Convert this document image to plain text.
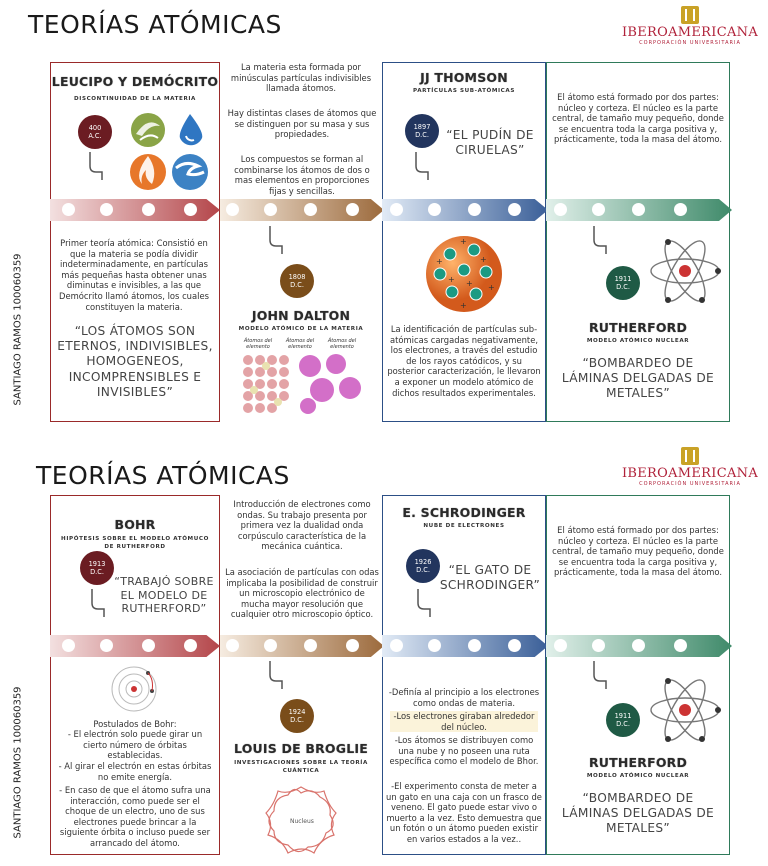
TEORÍAS ATÓMICAS	IBEROAMERICANA
CORPORACIÓN UNIVERSITARIA
SANTIAGO RAMOS 100060359
LEUCIPO Y DEMÓCRITO
DISCONTINUIDAD DE LA MATERIA
400
A.C.
Primer teoría atómica: Consistió en que la materia se podía dividir indeterminadamente, en partículas más pequeñas hasta obtener unas diminutas e invisibles, a las que Demócrito llamó átomos, los cuales constituyen la materia.
“LOS ÁTOMOS SON ETERNOS, INDIVISIBLES, HOMOGENEOS, INCOMPRENSIBLES E INVISIBLES”
La materia esta formada por minúsculas partículas indivisibles llamada átomos.
Hay distintas clases de átomos que se distinguen por su masa y sus propiedades.
Los compuestos se forman al combinarse los átomos de dos o mas elementos en proporciones fijas y sencillas.
1808
D.C.
JOHN DALTON
MODELO ATÓMICO DE LA MATERIA
Átomos del elemento
Átomos del elemento
Átomos del elemento
JJ THOMSON
PARTÍCULAS SUB-ATÓMICAS
1897
D.C.	“EL PUDÍN DE CIRUELAS”
+
+	+
+ + +
+
La identificación de partículas sub-atómicas cargadas negativamente, los electrones, a través del estudio de los rayos catódicos, y su posterior caracterización, le llevaron a exponer un modelo atómico de dichos resultados experimentales.
El átomo está formado por dos partes: núcleo y corteza. El núcleo es la parte central, de tamaño muy pequeño, donde se encuentra toda la carga positiva y, prácticamente, toda la masa del átomo.
1911
D.C.
RUTHERFORD
MODELO ATÓMICO NUCLEAR
“BOMBARDEO DE LÁMINAS DELGADAS DE METALES”
TEORÍAS ATÓMICAS	IBEROAMERICANA
CORPORACIÓN UNIVERSITARIA
SANTIAGO RAMOS 100060359
BOHR
HIPÓTESIS SOBRE EL MODELO ATÓMUCO DE RUTHERFORD
1913
D.C.
“TRABAJÓ SOBRE EL MODELO DE RUTHERFORD”
Postulados de Bohr:
- El electrón solo puede girar un cierto número de órbitas establecidas.
- Al girar el electrón en estas órbitas no emite energía.
- En caso de que el átomo sufra una interacción, como puede ser el choque de un electro, uno de sus electrones puede brincar a la siguiente órbita o incluso puede ser arrancado del átomo.
Introducción de electrones como ondas. Su trabajo presenta por primera vez la dualidad onda corpúsculo característica de la mecánica cuántica.
La asociación de partículas con odas implicaba la posibilidad de construir un microscopio electrónico de mucha mayor resolución que cualquier otro microscopio óptico.
1924
D.C.
LOUIS DE BROGLIE
INVESTIGACIONES SOBRE LA TEORÍA CUÁNTICA
Nucleus
E. SCHRODINGER
NUBE DE ELECTRONES
1926
D.C.	“EL GATO DE SCHRODINGER”
-Definía al principio a los electrones como ondas de materia.
-Los electrones giraban alrededor del núcleo.
-Los átomos se distribuyen como una nube y no poseen una ruta específica como el modelo de Bhor.
-El experimento consta de meter a un gato en una caja con un frasco de veneno. El gato puede estar vivo o muerto a la vez. Esto demuestra que un fotón o un átomo pueden existir en varios estados a la vez..
El átomo está formado por dos partes: núcleo y corteza. El núcleo es la parte central, de tamaño muy pequeño, donde se encuentra toda la carga positiva y, prácticamente, toda la masa del átomo.
1911
D.C.
RUTHERFORD
MODELO ATÓMICO NUCLEAR
“BOMBARDEO DE LÁMINAS DELGADAS DE METALES”
